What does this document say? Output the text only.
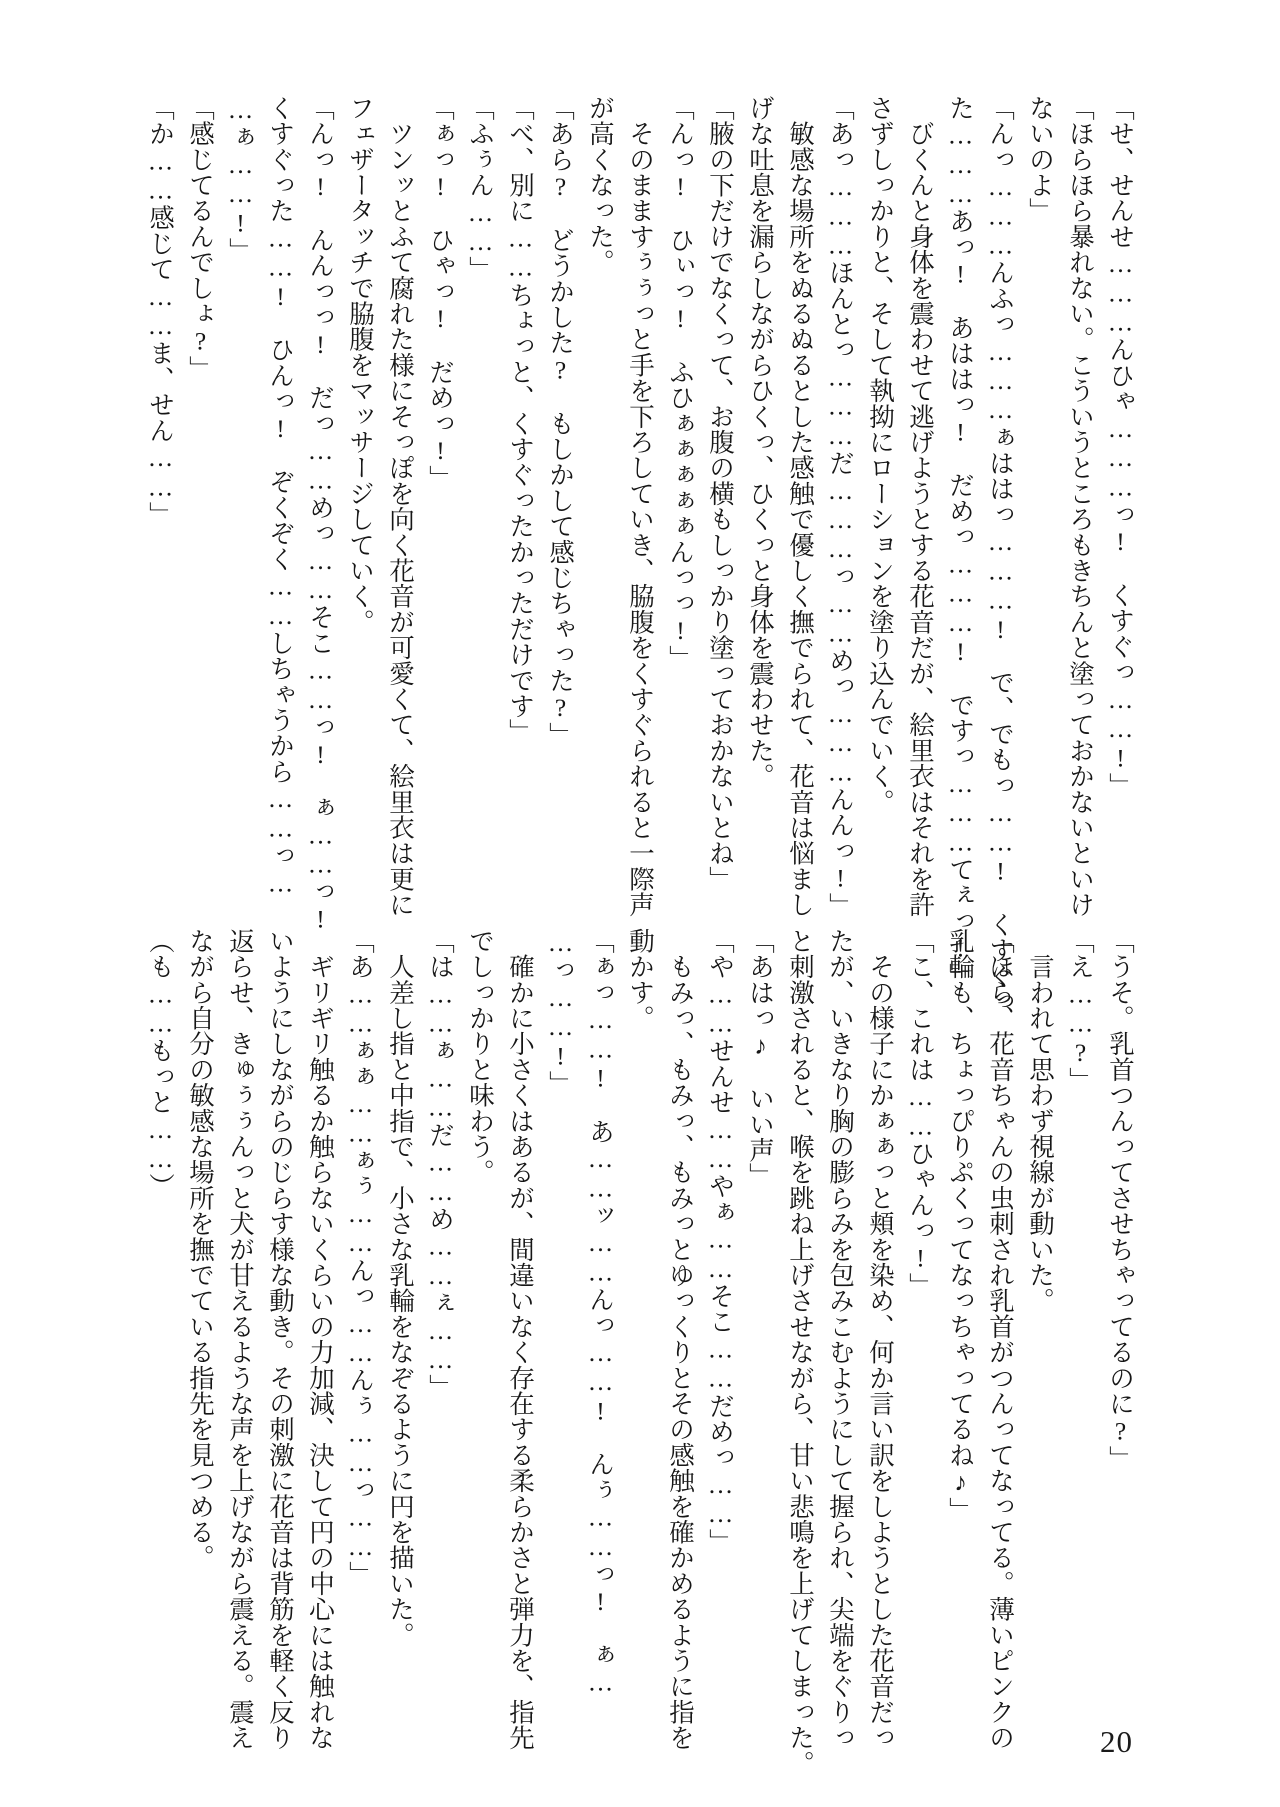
「せ、せんせ………んひゃ………っ!　くすぐっ……!」

「ほらほら暴れない。こういうところもきちんと塗っておかないといけ

ないのよ」

「んっ………んふっ………ぁははっ………!　で、でもっ……!　くすぐっ

た………あっ!　あははっ!　だめっ………!　ですっ………てぇっ!」

　びくんと身体を震わせて逃げようとする花音だが、絵里衣はそれを許

さずしっかりと、そして執拗にローションを塗り込んでいく。

「あっ………ほんとっ………だ………っ……めっ………んんっ!」

　敏感な場所をぬるぬるとした感触で優しく撫でられて、花音は悩まし

げな吐息を漏らしながらひくっ、ひくっと身体を震わせた。

「腋の下だけでなくって、お腹の横もしっかり塗っておかないとね」

「んっ!　ひぃっ!　ふひぁぁぁぁぁんっっ!」

　そのまますぅぅっと手を下ろしていき、脇腹をくすぐられると一際声

が高くなった。

「あら?　どうかした?　もしかして感じちゃった?」

「べ、別に……ちょっと、くすぐったかっただけです」

「ふぅん……」

「ぁっ!　ひゃっ!　だめっ!」

　ツンッとふて腐れた様にそっぽを向く花音が可愛くて、絵里衣は更に

フェザータッチで脇腹をマッサージしていく。

「んっ!　んんっっ!　だっ……めっ……そこ……っ!　ぁ……っ!

くすぐった……!　ひんっ!　ぞくぞく……しちゃうから……っ…

…ぁ……!」

「感じてるんでしょ?」

「か……感じて……ま、せん……」

「うそ。乳首つんってさせちゃってるのに?」

「え……?」

　言われて思わず視線が動いた。

「ほら、花音ちゃんの虫刺され乳首がつんってなってる。薄いピンクの

乳輪も、ちょっぴりぷくってなっちゃってるね♪」

「こ、これは……ひゃんっ!」

　その様子にかぁぁっと頬を染め、何か言い訳をしようとした花音だっ

たが、いきなり胸の膨らみを包みこむようにして握られ、尖端をぐりっ

と刺激されると、喉を跳ね上げさせながら、甘い悲鳴を上げてしまった。

「あはっ♪　いい声」

「や……せんせ……やぁ……そこ……だめっ……」

　もみっ、もみっ、もみっとゆっくりとその感触を確かめるように指を

動かす。

「ぁっ……!　あ……ッ……んっ……!　んぅ……っ!　ぁ…

…っ……!」

　確かに小さくはあるが、間違いなく存在する柔らかさと弾力を、指先

でしっかりと味わう。

「は……ぁ……だ……め……ぇ……」

　人差し指と中指で、小さな乳輪をなぞるように円を描いた。

「あ……ぁぁ……ぁぅ……んっ……んぅ……っ……」

　ギリギリ触るか触らないくらいの力加減、決して円の中心には触れな

いようにしながらのじらす様な動き。その刺激に花音は背筋を軽く反り

返らせ、きゅぅぅんっと犬が甘えるような声を上げながら震える。震え

ながら自分の敏感な場所を撫でている指先を見つめる。

（も……もっと……）

20
